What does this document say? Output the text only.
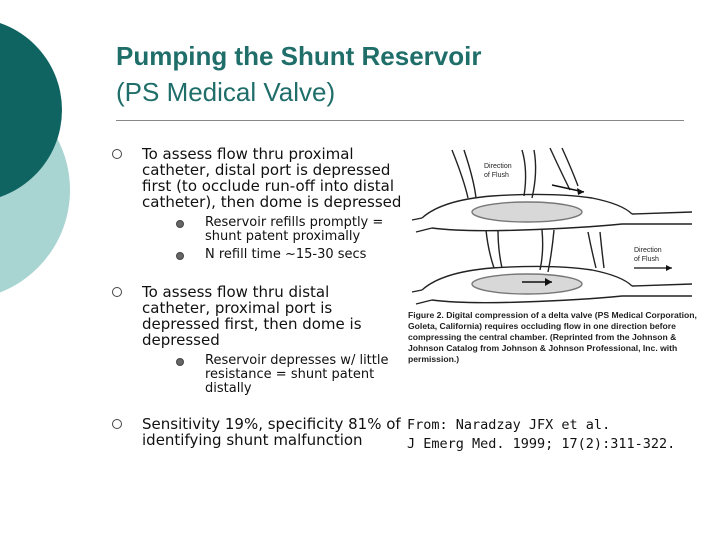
Pumping the Shunt Reservoir
(PS Medical Valve)
To assess flow thru proximal catheter, distal port is depressed first (to occlude run-off into distal catheter), then dome is depressed
Reservoir refills promptly = shunt patent proximally
N refill time ~15-30 secs
To assess flow thru distal catheter, proximal port is depressed first, then dome is depressed
Reservoir depresses w/ little resistance = shunt patent distally
Sensitivity 19%, specificity 81% of identifying shunt malfunction
Direction
of Flush
Direction
of Flush
Figure 2. Digital compression of a delta valve (PS Medical Corporation, Goleta, California) requires occluding flow in one direction before compressing the central chamber. (Reprinted from the Johnson & Johnson Catalog from Johnson & Johnson Professional, Inc. with permission.)
From: Naradzay JFX et al.
J Emerg Med. 1999; 17(2):311-322.
